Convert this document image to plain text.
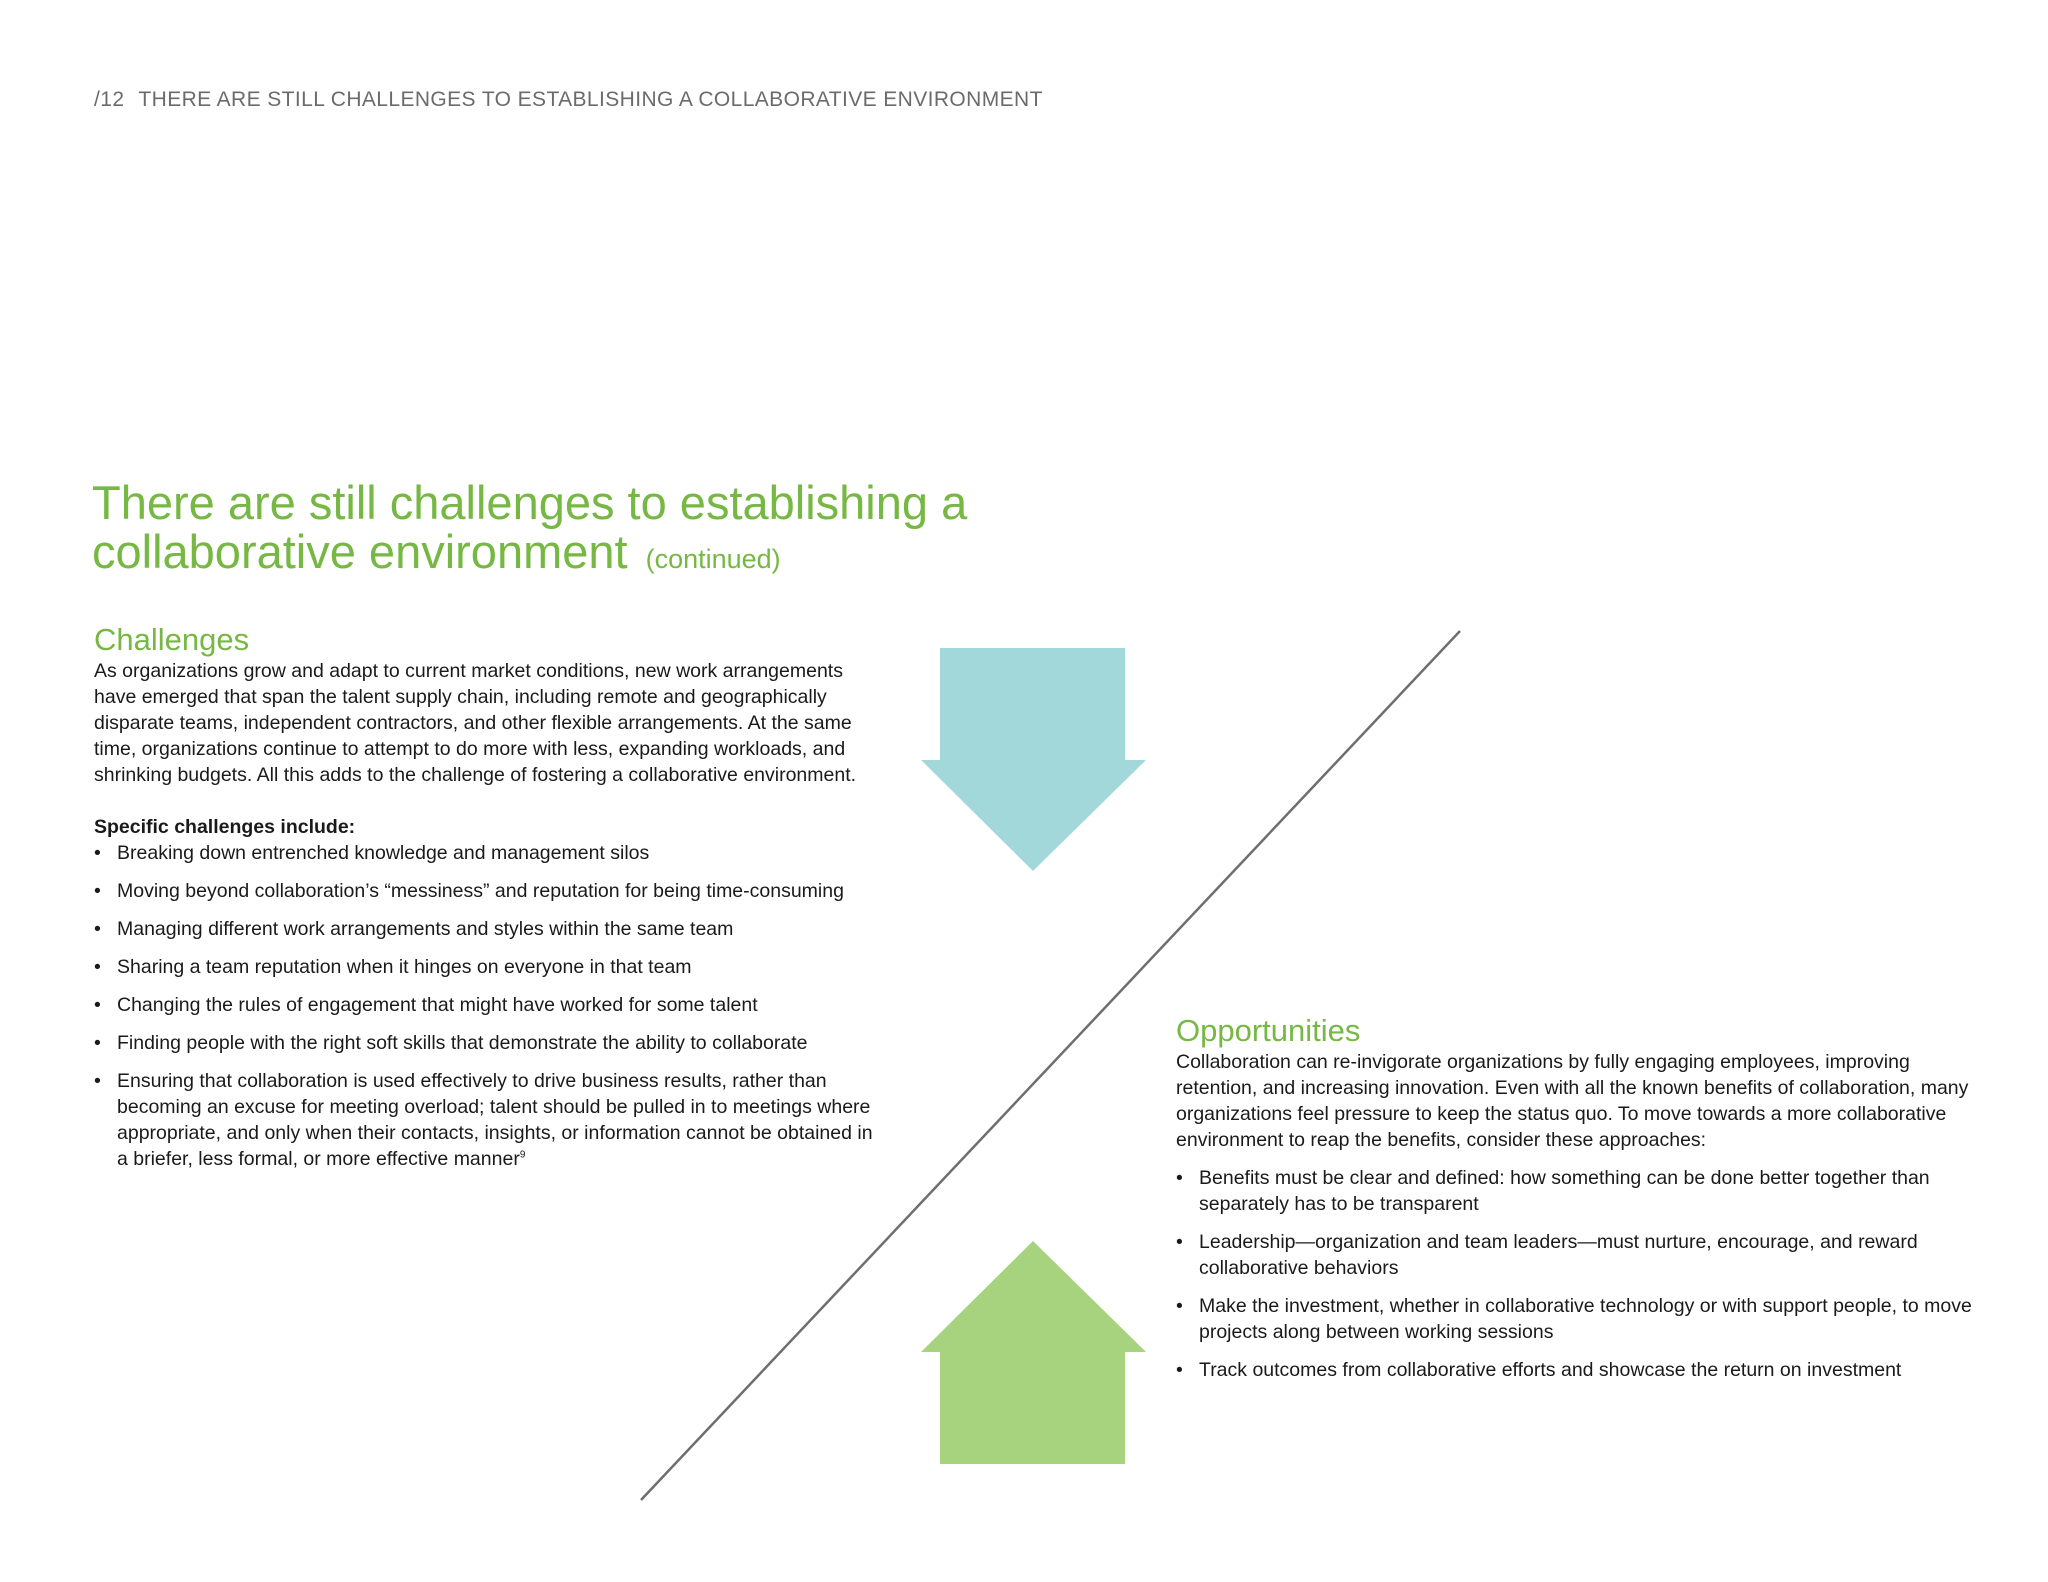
/12 THERE ARE STILL CHALLENGES TO ESTABLISHING A COLLABORATIVE ENVIRONMENT
There are still challenges to establishing a
collaborative environment (continued)
Challenges

As organizations grow and adapt to current market conditions, new work arrangements have emerged that span the talent supply chain, including remote and geographically disparate teams, independent contractors, and other flexible arrangements. At the same time, organizations continue to attempt to do more with less, expanding workloads, and shrinking budgets. All this adds to the challenge of fostering a collaborative environment.

Specific challenges include:

• Breaking down entrenched knowledge and management silos
• Moving beyond collaboration’s “messiness” and reputation for being time-consuming
• Managing different work arrangements and styles within the same team
• Sharing a team reputation when it hinges on everyone in that team
• Changing the rules of engagement that might have worked for some talent
• Finding people with the right soft skills that demonstrate the ability to collaborate
• Ensuring that collaboration is used effectively to drive business results, rather than becoming an excuse for meeting overload; talent should be pulled in to meetings where appropriate, and only when their contacts, insights, or information cannot be obtained in a briefer, less formal, or more effective manner$^9$
Opportunities

Collaboration can re-invigorate organizations by fully engaging employees, improving retention, and increasing innovation. Even with all the known benefits of collaboration, many organizations feel pressure to keep the status quo. To move towards a more collaborative environment to reap the benefits, consider these approaches:

• Benefits must be clear and defined: how something can be done better together than separately has to be transparent
• Leadership—organization and team leaders—must nurture, encourage, and reward collaborative behaviors
• Make the investment, whether in collaborative technology or with support people, to move projects along between working sessions
• Track outcomes from collaborative efforts and showcase the return on investment
